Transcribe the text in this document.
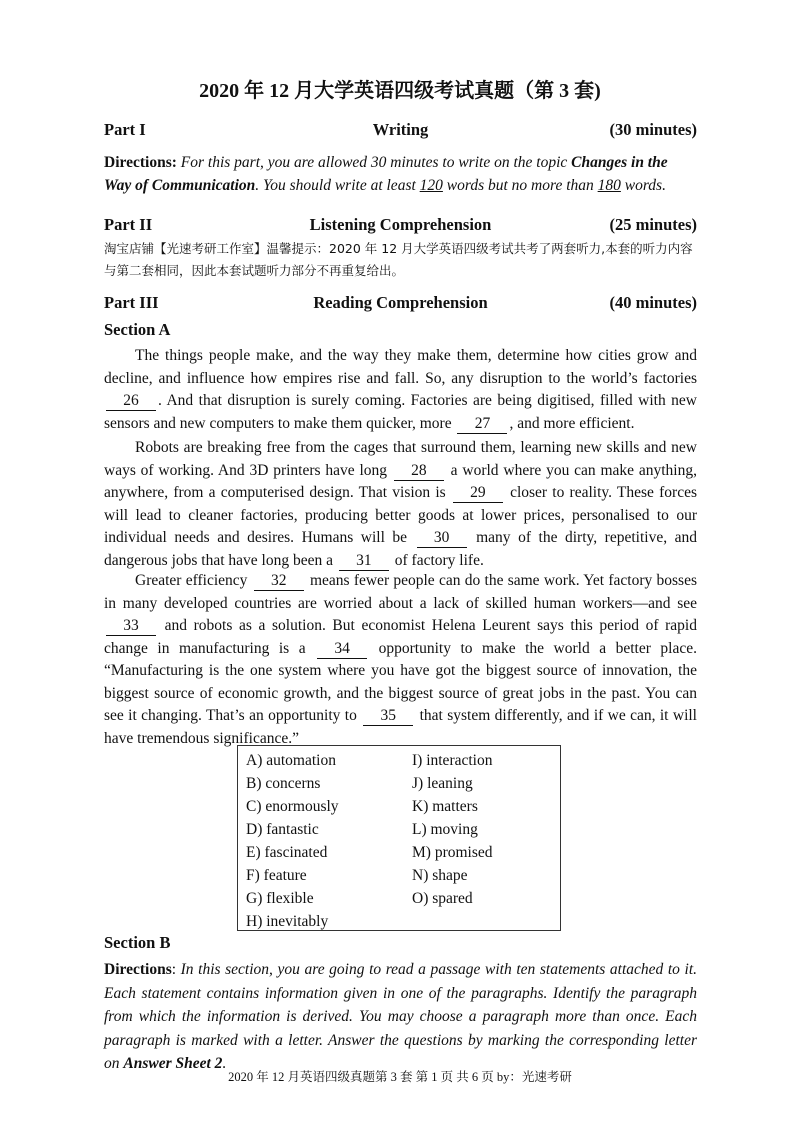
2020 年 12 月大学英语四级考试真题（第 3 套)
Part I	Writing	(30 minutes)
Directions: For this part, you are allowed 30 minutes to write on the topic Changes in the Way of Communication. You should write at least 120 words but no more than 180 words.
Part II	Listening Comprehension	(25 minutes)
淘宝店铺【光速考研工作室】温馨提示：2020 年 12 月大学英语四级考试共考了两套听力,本套的听力内容与第二套相同，因此本套试题听力部分不再重复给出。
Part III	Reading Comprehension	(40 minutes)
Section A
The things people make, and the way they make them, determine how cities grow and decline, and influence how empires rise and fall. So, any disruption to the world’s factories 26 . And that disruption is surely coming. Factories are being digitised, filled with new sensors and new computers to make them quicker, more 27 , and more efficient.
Robots are breaking free from the cages that surround them, learning new skills and new ways of working. And 3D printers have long 28 a world where you can make anything, anywhere, from a computerised design. That vision is 29 closer to reality. These forces will lead to cleaner factories, producing better goods at lower prices, personalised to our individual needs and desires. Humans will be 30 many of the dirty, repetitive, and dangerous jobs that have long been a 31 of factory life.
Greater efficiency 32 means fewer people can do the same work. Yet factory bosses in many developed countries are worried about a lack of skilled human workers—and see 33 and robots as a solution. But economist Helena Leurent says this period of rapid change in manufacturing is a 34 opportunity to make the world a better place. “Manufacturing is the one system where you have got the biggest source of innovation, the biggest source of economic growth, and the biggest source of great jobs in the past. You can see it changing. That’s an opportunity to 35 that system differently, and if we can, it will have tremendous significance.”
A) automation
B) concerns
C) enormously
D) fantastic
E) fascinated
F) feature
G) flexible
H) inevitably
I) interaction
J) leaning
K) matters
L) moving
M) promised
N) shape
O) spared
Section B
Directions: In this section, you are going to read a passage with ten statements attached to it. Each statement contains information given in one of the paragraphs. Identify the paragraph from which the information is derived. You may choose a paragraph more than once. Each paragraph is marked with a letter. Answer the questions by marking the corresponding letter on Answer Sheet 2.
2020 年 12 月英语四级真题第 3 套 第 1 页 共 6 页 by：光速考研
